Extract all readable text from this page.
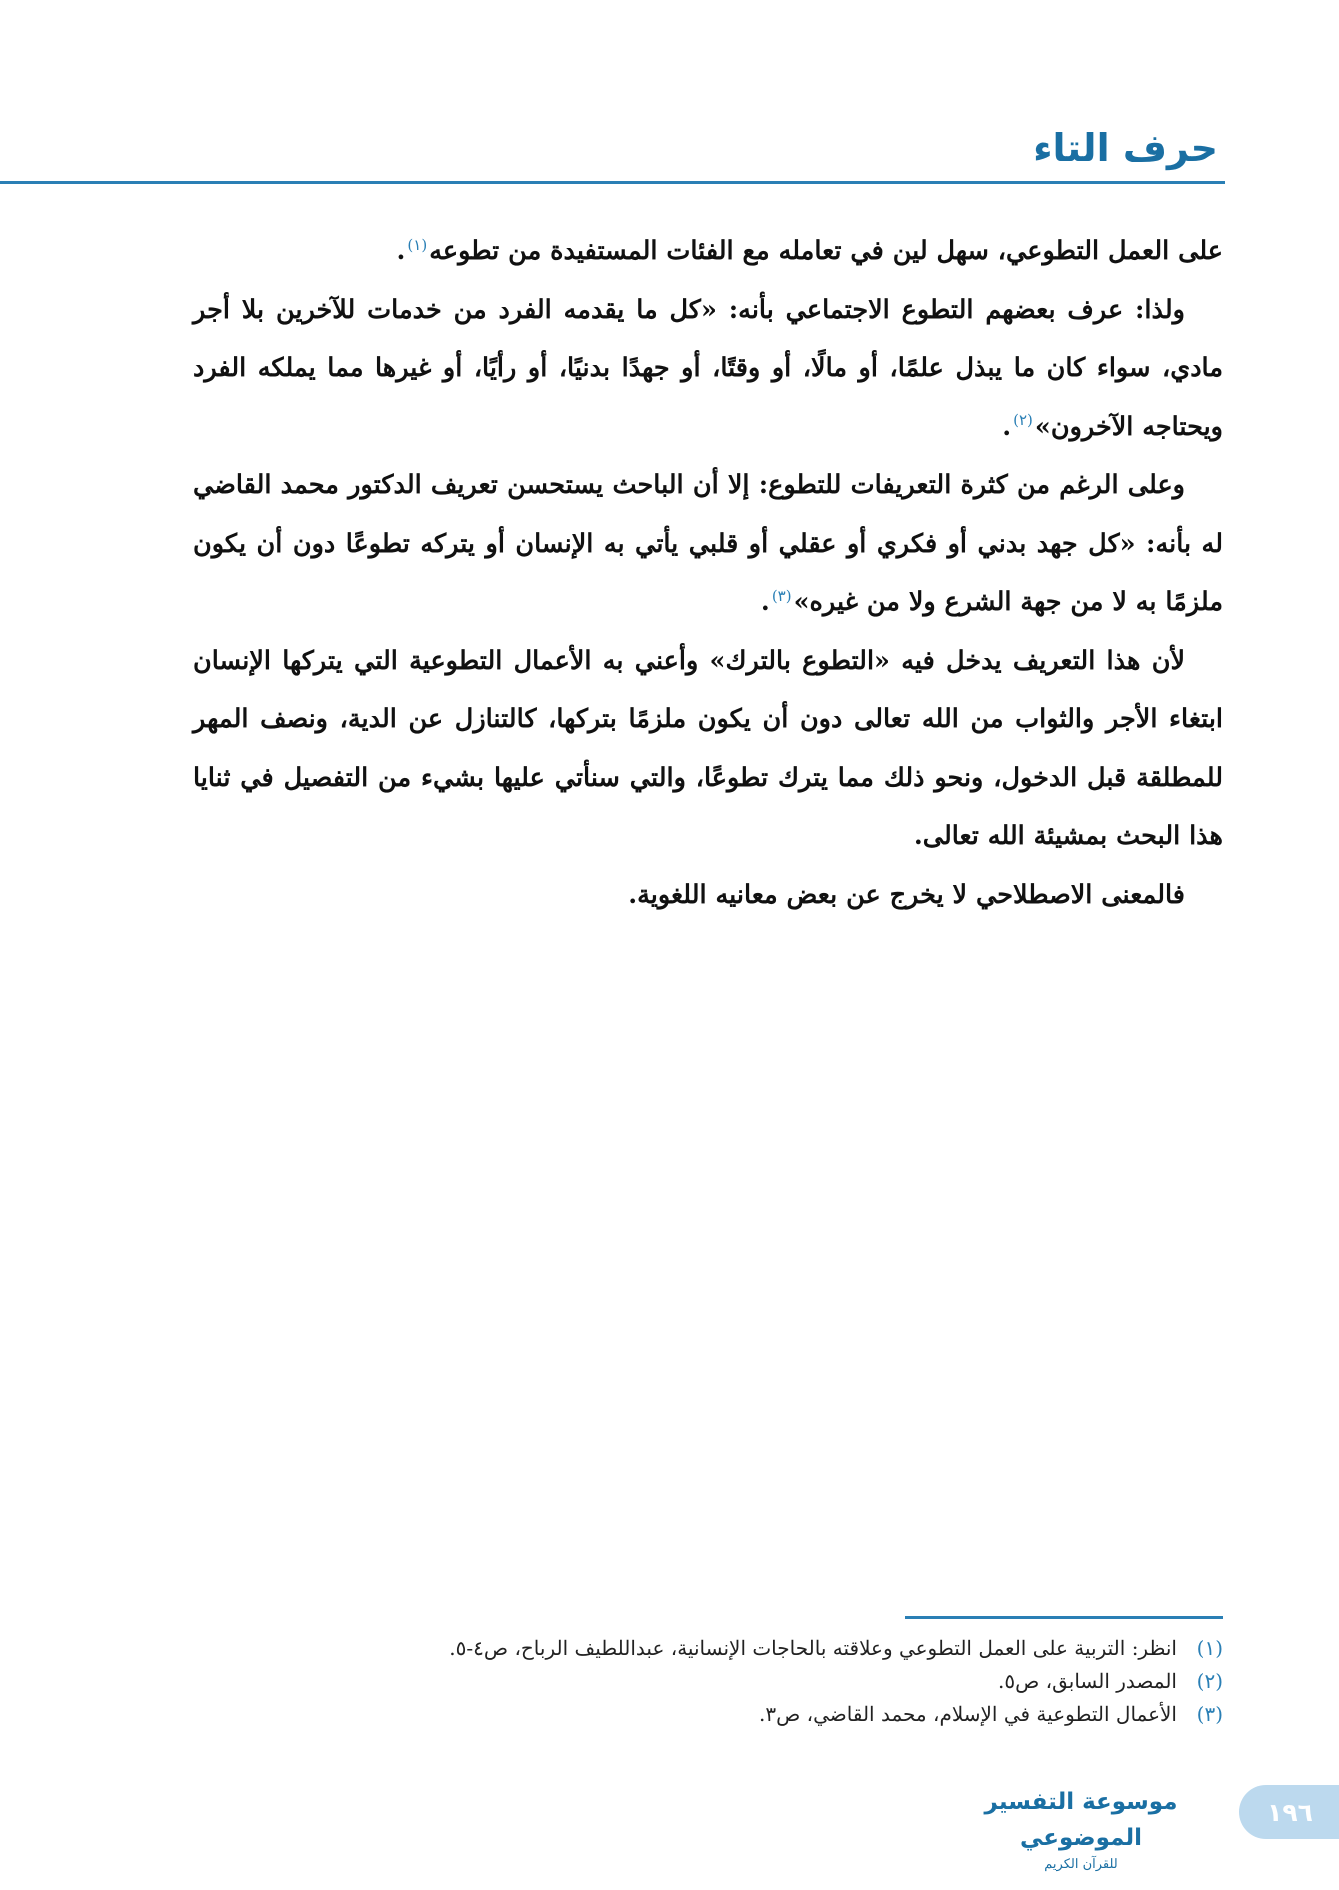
حرف التاء

على العمل التطوعي، سهل لين في تعامله مع الفئات المستفيدة من تطوعه$^{(١)}$.

ولذا: عرف بعضهم التطوع الاجتماعي بأنه: «كل ما يقدمه الفرد من خدمات للآخرين بلا أجر مادي، سواء كان ما يبذل علمًا، أو مالًا، أو وقتًا، أو جهدًا بدنيًا، أو رأيًا، أو غيرها مما يملكه الفرد ويحتاجه الآخرون»$^{(٢)}$.

وعلى الرغم من كثرة التعريفات للتطوع: إلا أن الباحث يستحسن تعريف الدكتور محمد القاضي له بأنه: «كل جهد بدني أو فكري أو عقلي أو قلبي يأتي به الإنسان أو يتركه تطوعًا دون أن يكون ملزمًا به لا من جهة الشرع ولا من غيره»$^{(٣)}$.

لأن هذا التعريف يدخل فيه «التطوع بالترك» وأعني به الأعمال التطوعية التي يتركها الإنسان ابتغاء الأجر والثواب من الله تعالى دون أن يكون ملزمًا بتركها، كالتنازل عن الدية، ونصف المهر للمطلقة قبل الدخول، ونحو ذلك مما يترك تطوعًا، والتي سنأتي عليها بشيء من التفصيل في ثنايا هذا البحث بمشيئة الله تعالى.

فالمعنى الاصطلاحي لا يخرج عن بعض معانيه اللغوية.

(١)
انظر: التربية على العمل التطوعي وعلاقته بالحاجات الإنسانية، عبداللطيف الرباح، ص٤-٥.
(٢)
المصدر السابق، ص٥.
(٣)
الأعمال التطوعية في الإسلام، محمد القاضي، ص٣.
موسوعة التفسير الموضوعي
للقرآن الكريم
١٩٦
